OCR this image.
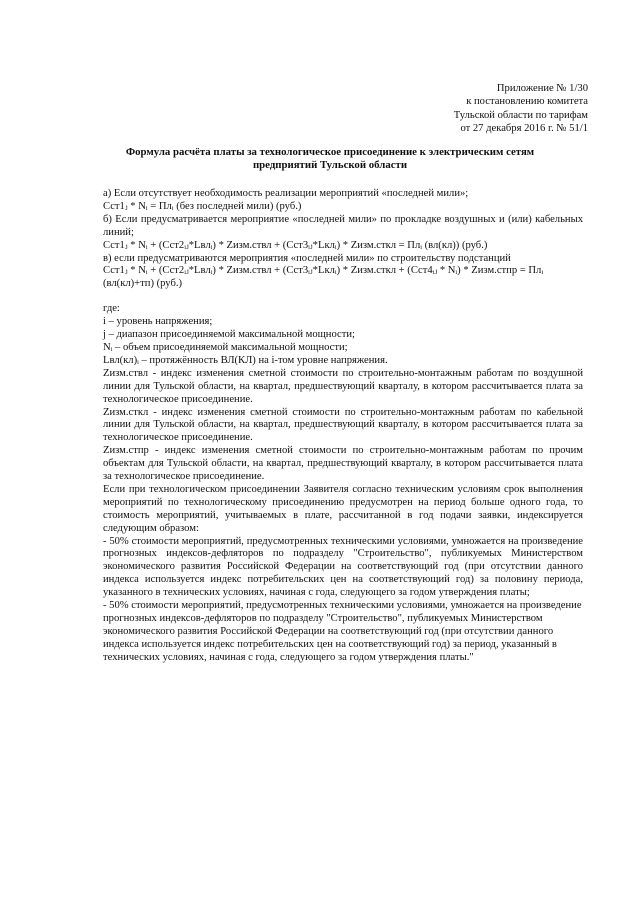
Приложение № 1/30
к постановлению комитета
Тульской области по тарифам
от 27 декабря 2016 г. № 51/1
Формула расчёта платы за технологическое присоединение к электрическим сетям
предприятий Тульской области

а) Если отсутствует необходимость реализации мероприятий «последней мили»;

Сст1ⱼ * Nᵢ = Плᵢ (без последней мили) (руб.)

б) Если предусматривается мероприятие «последней мили» по прокладке воздушных и (или) кабельных линий;

Сст1ⱼ * Nᵢ + (Сст2ᵢⱼ*Lвлᵢ) * Zизм.ствл + (Сст3ᵢⱼ*Lклᵢ) * Zизм.сткл = Плᵢ (вл(кл)) (руб.)

в) если предусматриваются мероприятия «последней мили» по строительству подстанций

Сст1ⱼ * Nᵢ + (Сст2ᵢⱼ*Lвлᵢ) * Zизм.ствл + (Сст3ᵢⱼ*Lклᵢ) * Zизм.сткл + (Сст4ᵢⱼ * Nᵢ) * Zизм.стпр = Плᵢ (вл(кл)+тп) (руб.)

где:

i – уровень напряжения;

j – диапазон присоединяемой максимальной мощности;

Nᵢ – объем присоединяемой максимальной мощности;

Lвл(кл)ᵢ – протяжённость ВЛ(КЛ) на i-том уровне напряжения.

Zизм.ствл - индекс изменения сметной стоимости по строительно-монтажным работам по воздушной линии для Тульской области, на квартал, предшествующий кварталу, в котором рассчитывается плата за технологическое присоединение.

Zизм.сткл - индекс изменения сметной стоимости по строительно-монтажным работам по кабельной линии для Тульской области, на квартал, предшествующий кварталу, в котором рассчитывается плата за технологическое присоединение.

Zизм.стпр - индекс изменения сметной стоимости по строительно-монтажным работам по прочим объектам для Тульской области, на квартал, предшествующий кварталу, в котором рассчитывается плата за технологическое присоединение.

Если при технологическом присоединении Заявителя согласно техническим условиям срок выполнения мероприятий по технологическому присоединению предусмотрен на период больше одного года, то стоимость мероприятий, учитываемых в плате, рассчитанной в год подачи заявки, индексируется следующим образом:

- 50% стоимости мероприятий, предусмотренных техническими условиями, умножается на произведение прогнозных индексов-дефляторов по подразделу "Строительство", публикуемых Министерством экономического развития Российской Федерации на соответствующий год (при отсутствии данного индекса используется индекс потребительских цен на соответствующий год) за половину периода, указанного в технических условиях, начиная с года, следующего за годом утверждения платы;

- 50% стоимости мероприятий, предусмотренных техническими условиями, умножается на произведение прогнозных индексов-дефляторов по подразделу "Строительство", публикуемых Министерством экономического развития Российской Федерации на соответствующий год (при отсутствии данного индекса используется индекс потребительских цен на соответствующий год) за период, указанный в технических условиях, начиная с года, следующего за годом утверждения платы."
